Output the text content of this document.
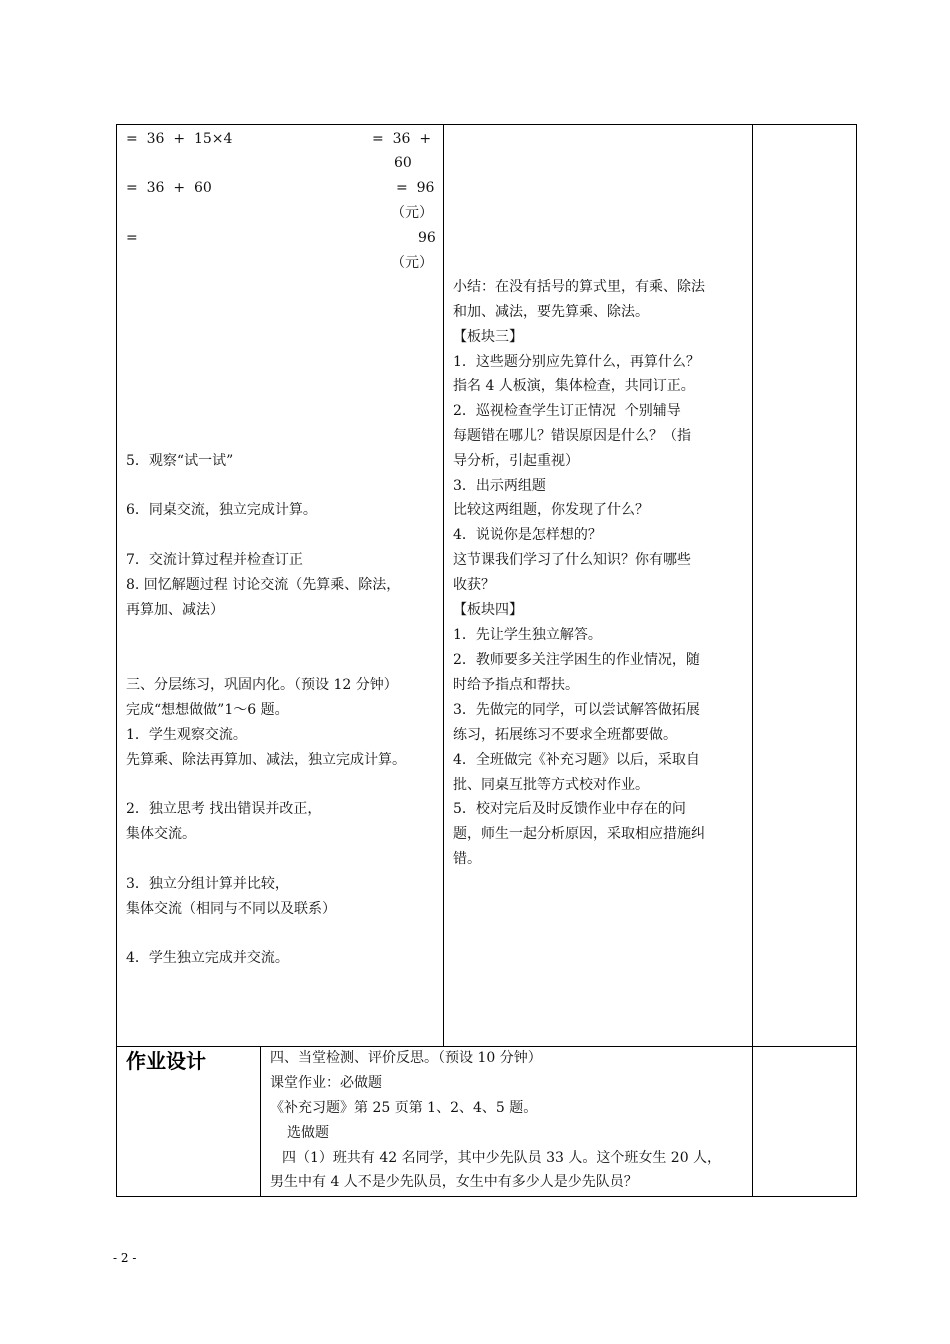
=  36  +  15×4
=  36  +  60
=
=  36  +
60
=  96
（元）
96
（元）
5．观察“试一试”
6．同桌交流，独立完成计算。
7．交流计算过程并检查订正
8. 回忆解题过程 讨论交流（先算乘、除法，
再算加、减法）
三、分层练习，巩固内化。（预设 12 分钟）
完成“想想做做”1～6 题。
1．学生观察交流。
先算乘、除法再算加、减法，独立完成计算。
2．独立思考 找出错误并改正，
集体交流。
3．独立分组计算并比较，
集体交流（相同与不同以及联系）
4．学生独立完成并交流。
小结：在没有括号的算式里，有乘、除法
和加、减法，要先算乘、除法。
【板块三】
1．这些题分别应先算什么，再算什么？
指名 4 人板演，集体检查，共同订正。
2．巡视检查学生订正情况  个别辅导
每题错在哪儿？错误原因是什么？（指
导分析，引起重视）
3．出示两组题
比较这两组题，你发现了什么？
4．说说你是怎样想的？
这节课我们学习了什么知识？你有哪些
收获？
【板块四】
1．先让学生独立解答。
2．教师要多关注学困生的作业情况，随
时给予指点和帮扶。
3．先做完的同学，可以尝试解答做拓展
练习，拓展练习不要求全班都要做。
4．全班做完《补充习题》以后，采取自
批、同桌互批等方式校对作业。
5．校对完后及时反馈作业中存在的问
题，师生一起分析原因，采取相应措施纠
错。
作业设计	四、当堂检测、评价反思。（预设 10 分钟）
课堂作业：必做题
《补充习题》第 25 页第 1、2、4、5 题。
选做题
四（1）班共有 42 名同学，其中少先队员 33 人。这个班女生 20 人，
男生中有 4 人不是少先队员，女生中有多少人是少先队员？
- 2 -
